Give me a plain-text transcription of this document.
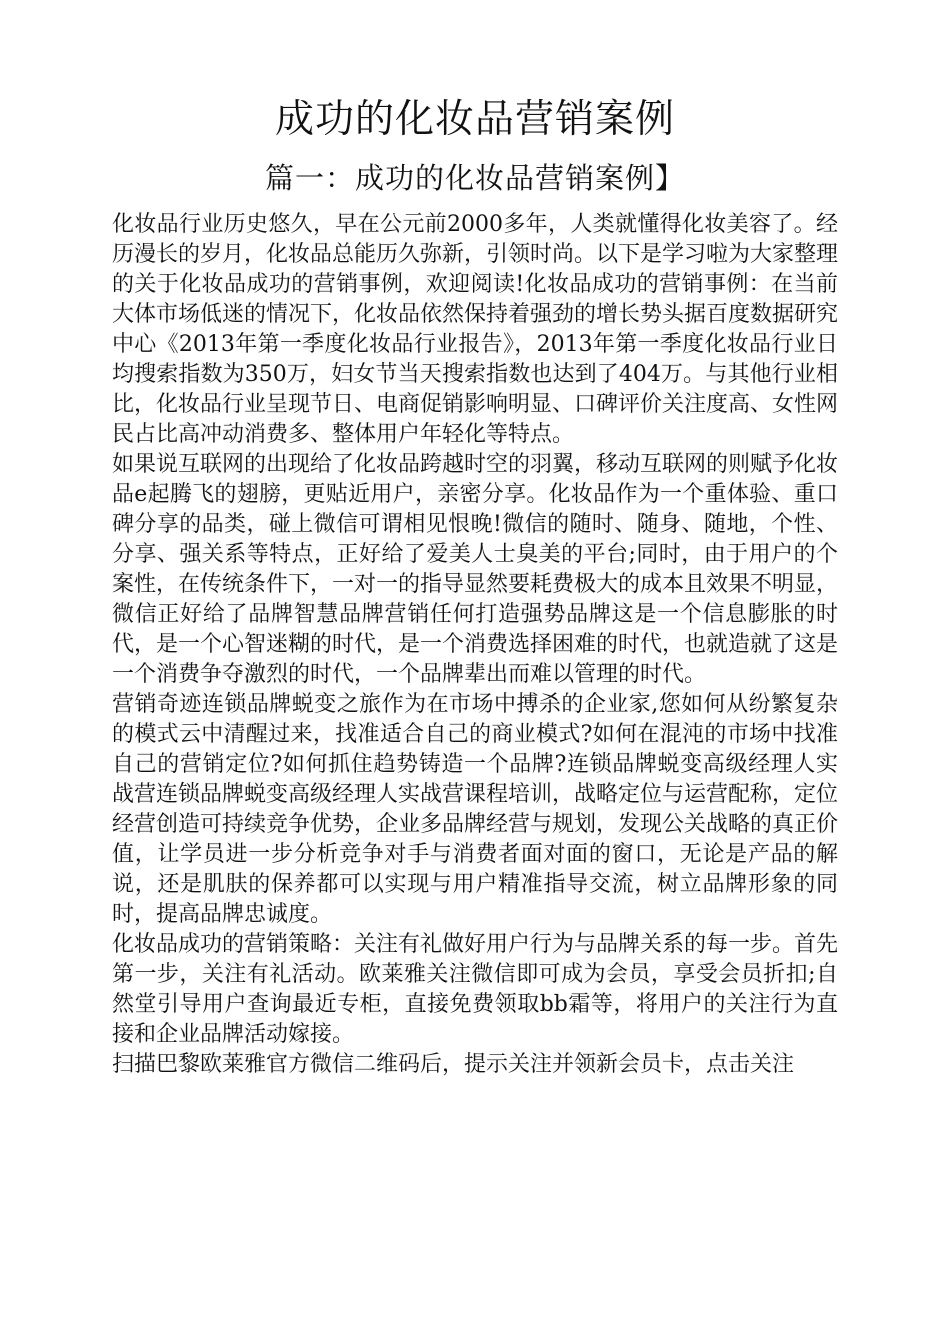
成功的化妆品营销案例
篇一：成功的化妆品营销案例】

化妆品行业历史悠久，早在公元前2000多年，人类就懂得化妆美容了。经历漫长的岁月，化妆品总能历久弥新，引领时尚。以下是学习啦为大家整理的关于化妆品成功的营销事例，欢迎阅读!化妆品成功的营销事例：在当前大体市场低迷的情况下，化妆品依然保持着强劲的增长势头据百度数据研究中心《2013年第一季度化妆品行业报告》，2013年第一季度化妆品行业日均搜索指数为350万，妇女节当天搜索指数也达到了404万。与其他行业相比，化妆品行业呈现节日、电商促销影响明显、口碑评价关注度高、女性网民占比高冲动消费多、整体用户年轻化等特点。

如果说互联网的出现给了化妆品跨越时空的羽翼，移动互联网的则赋予化妆品e起腾飞的翅膀，更贴近用户，亲密分享。化妆品作为一个重体验、重口碑分享的品类，碰上微信可谓相见恨晚!微信的随时、随身、随地，个性、分享、强关系等特点，正好给了爱美人士臭美的平台;同时，由于用户的个案性，在传统条件下，一对一的指导显然要耗费极大的成本且效果不明显，微信正好给了品牌智慧品牌营销任何打造强势品牌这是一个信息膨胀的时代，是一个心智迷糊的时代，是一个消费选择困难的时代，也就造就了这是一个消费争夺激烈的时代，一个品牌辈出而难以管理的时代。

营销奇迹连锁品牌蜕变之旅作为在市场中搏杀的企业家,您如何从纷繁复杂的模式云中清醒过来，找准适合自己的商业模式?如何在混沌的市场中找准自己的营销定位?如何抓住趋势铸造一个品牌?连锁品牌蜕变高级经理人实战营连锁品牌蜕变高级经理人实战营课程培训，战略定位与运营配称，定位经营创造可持续竞争优势，企业多品牌经营与规划，发现公关战略的真正价值，让学员进一步分析竞争对手与消费者面对面的窗口，无论是产品的解说，还是肌肤的保养都可以实现与用户精准指导交流，树立品牌形象的同时，提高品牌忠诚度。

化妆品成功的营销策略：关注有礼做好用户行为与品牌关系的每一步。首先第一步，关注有礼活动。欧莱雅关注微信即可成为会员，享受会员折扣;自然堂引导用户查询最近专柜，直接免费领取bb霜等，将用户的关注行为直接和企业品牌活动嫁接。

扫描巴黎欧莱雅官方微信二维码后，提示关注并领新会员卡，点击关注
